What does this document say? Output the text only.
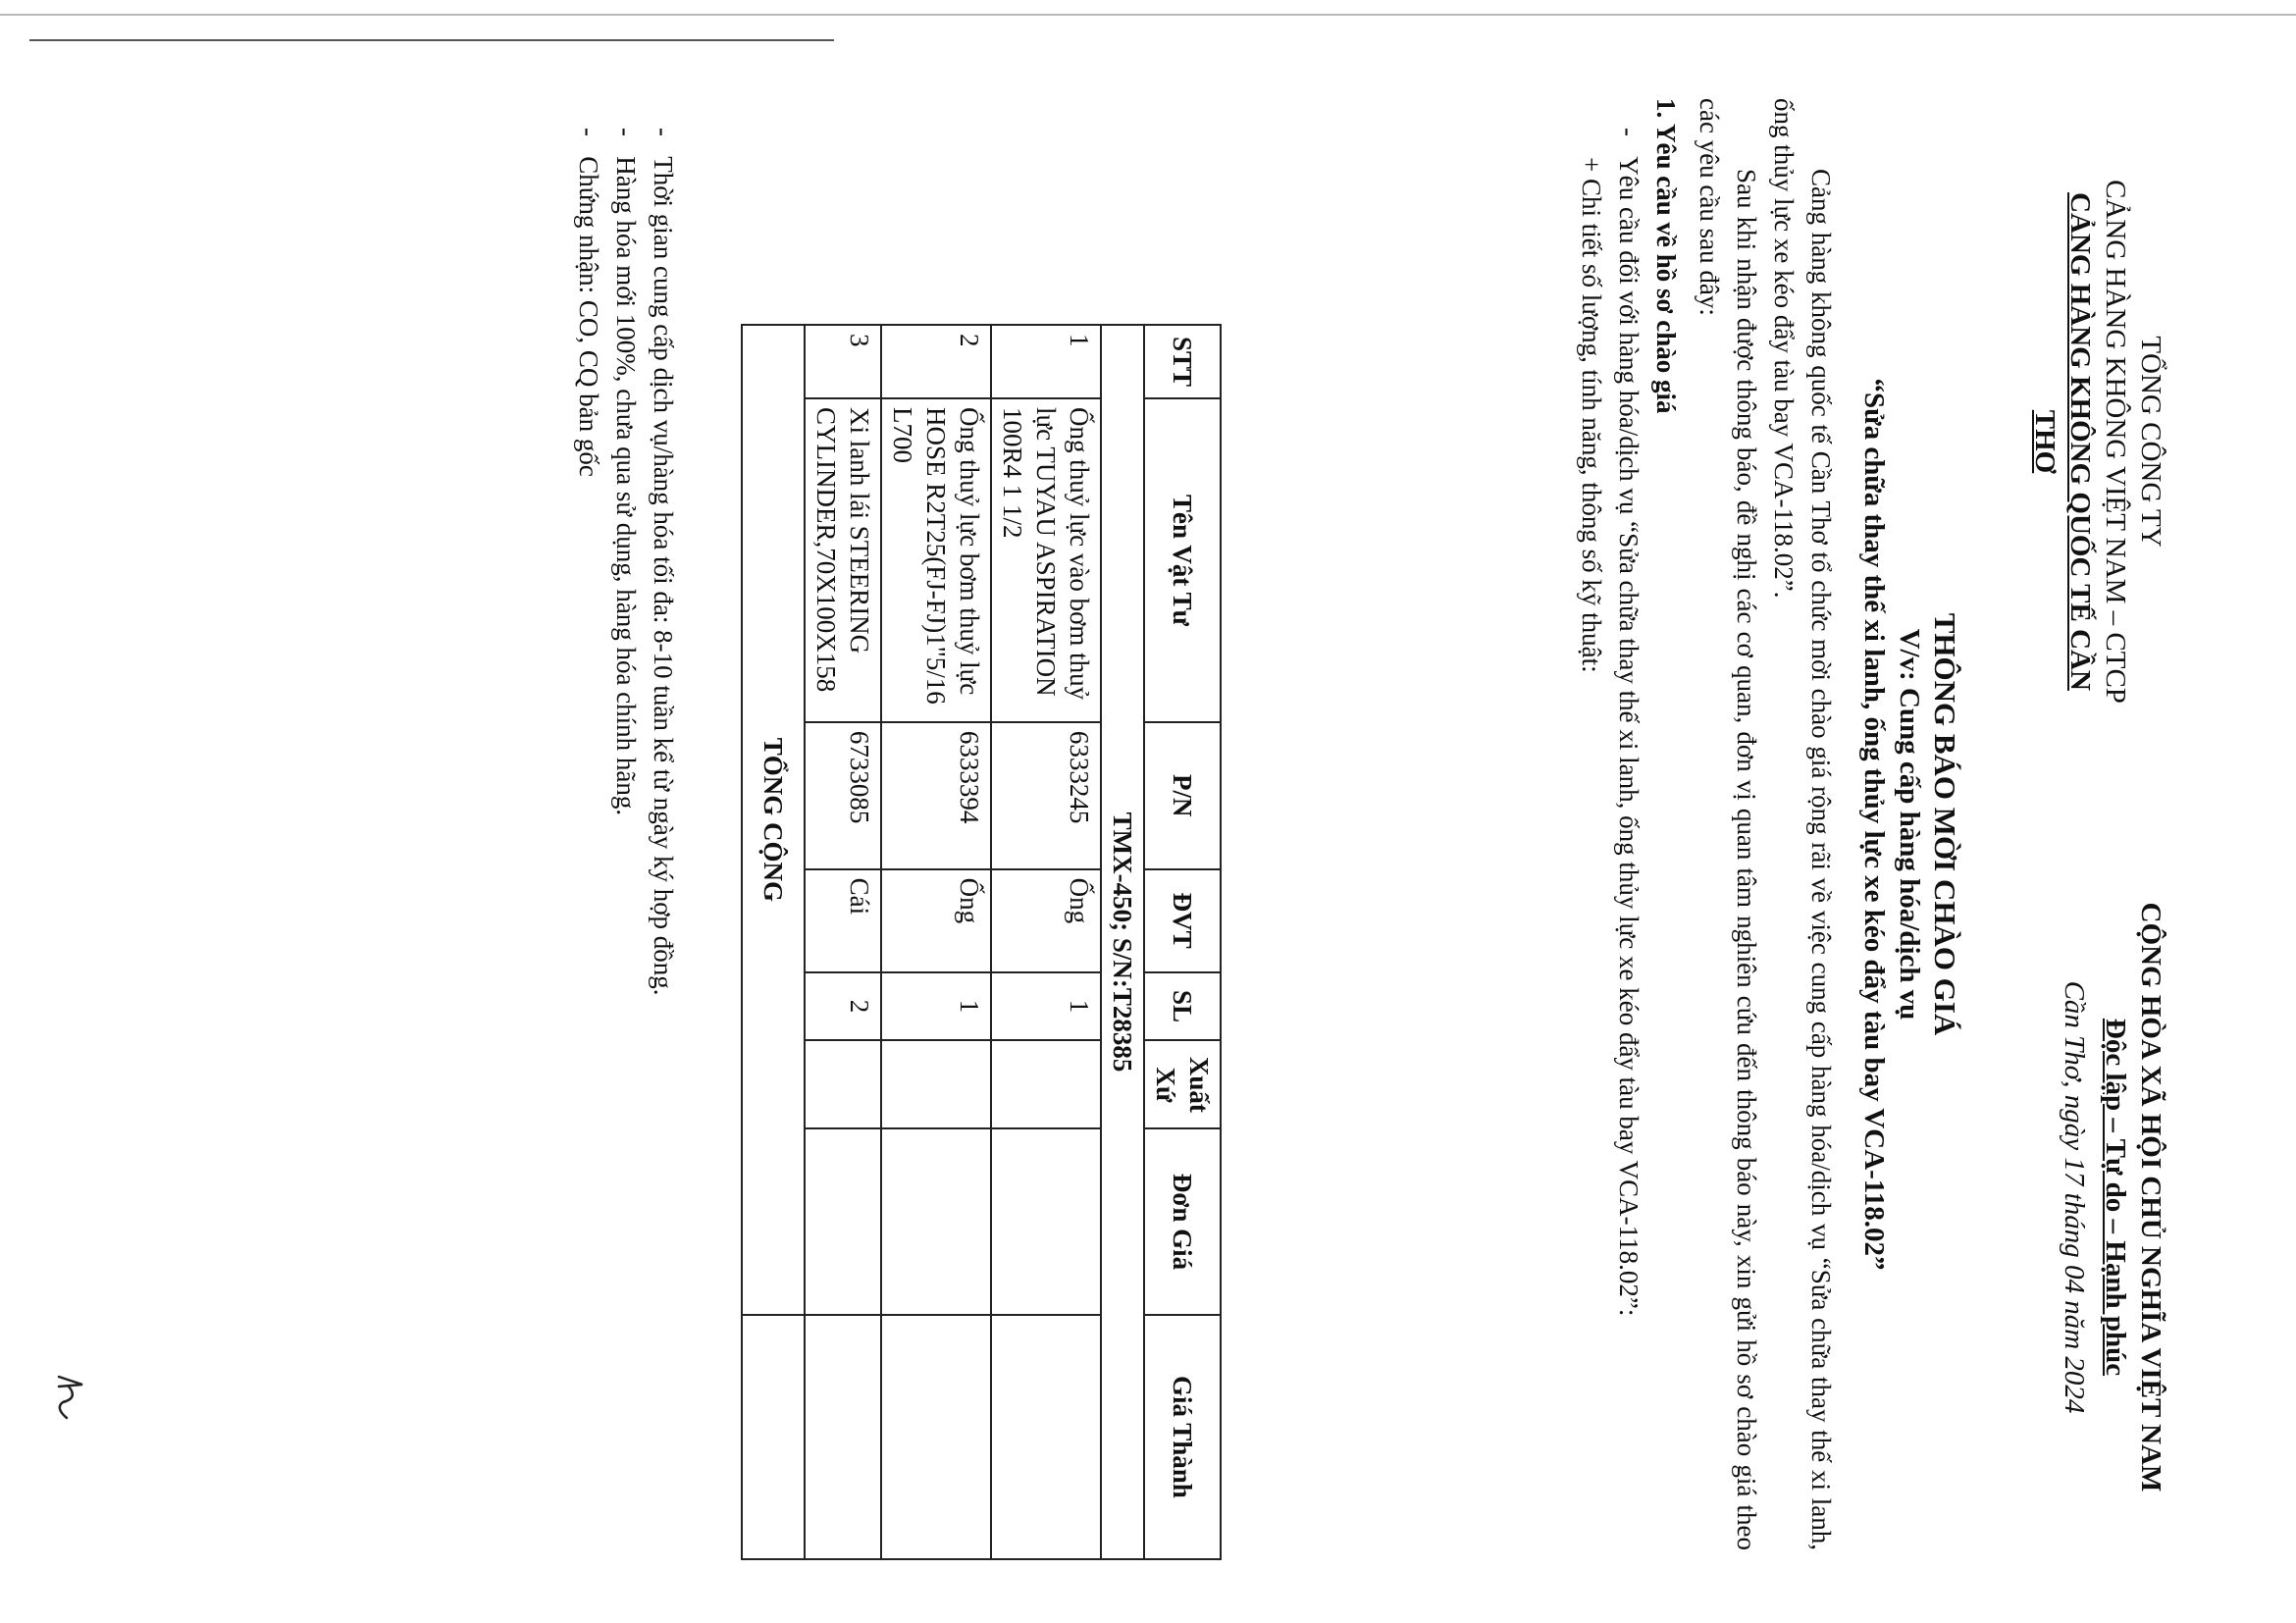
TỔNG CÔNG TY
CẢNG HÀNG KHÔNG VIỆT NAM – CTCP
CẢNG HÀNG KHÔNG QUỐC TẾ CẦN THƠ
CỘNG HÒA XÃ HỘI CHỦ NGHĨA VIỆT NAM
Độc lập – Tự do – Hạnh phúc
Cần Thơ, ngày 17 tháng 04 năm 2024
THÔNG BÁO MỜI CHÀO GIÁ
V/v: Cung cấp hàng hóa/dịch vụ
“Sửa chữa thay thế xi lanh, ống thủy lực xe kéo đẩy tàu bay VCA-118.02”

Cảng hàng không quốc tế Cần Thơ tổ chức mời chào giá rộng rãi về việc cung cấp hàng hóa/dịch vụ “Sửa chữa thay thế xi lanh, ống thủy lực xe kéo đẩy tàu bay VCA-118.02”.

Sau khi nhận được thông báo, đề nghị các cơ quan, đơn vị quan tâm nghiên cứu đến thông báo này, xin gửi hồ sơ chào giá theo các yêu cầu sau đây:

1. Yêu cầu về hồ sơ chào giá

-   Yêu cầu đối với hàng hóa/dịch vụ “Sửa chữa thay thế xi lanh, ống thủy lực xe kéo đẩy tàu bay VCA-118.02”:

+ Chi tiết số lượng, tính năng, thông số kỹ thuật:

STT	Tên Vật Tư	P/N	ĐVT	SL	Xuất Xứ	Đơn Giá	Giá Thành
TMX-450; S/N:T28385							
1	Ống thuỷ lực vào bơm thuỷ lực TUYAU ASPIRATION 100R4 1 1/2	6333245	Ống	1			
2	Ống thuỷ lực bơm thuỷ lực HOSE R2T25(FJ-FJ)1"5/16 L700	6333394	Ống	1			
3	Xi lanh lái STEERING CYLINDER,70X100X158	6733085	Cái	2			
TỔNG CỘNG							

-   Thời gian cung cấp dịch vụ/hàng hóa tối đa: 8-10 tuần kể từ ngày ký hợp đồng.

-   Hàng hóa mới 100%, chưa qua sử dụng, hàng hóa chính hãng.

-   Chứng nhận: CO, CQ bản gốc
